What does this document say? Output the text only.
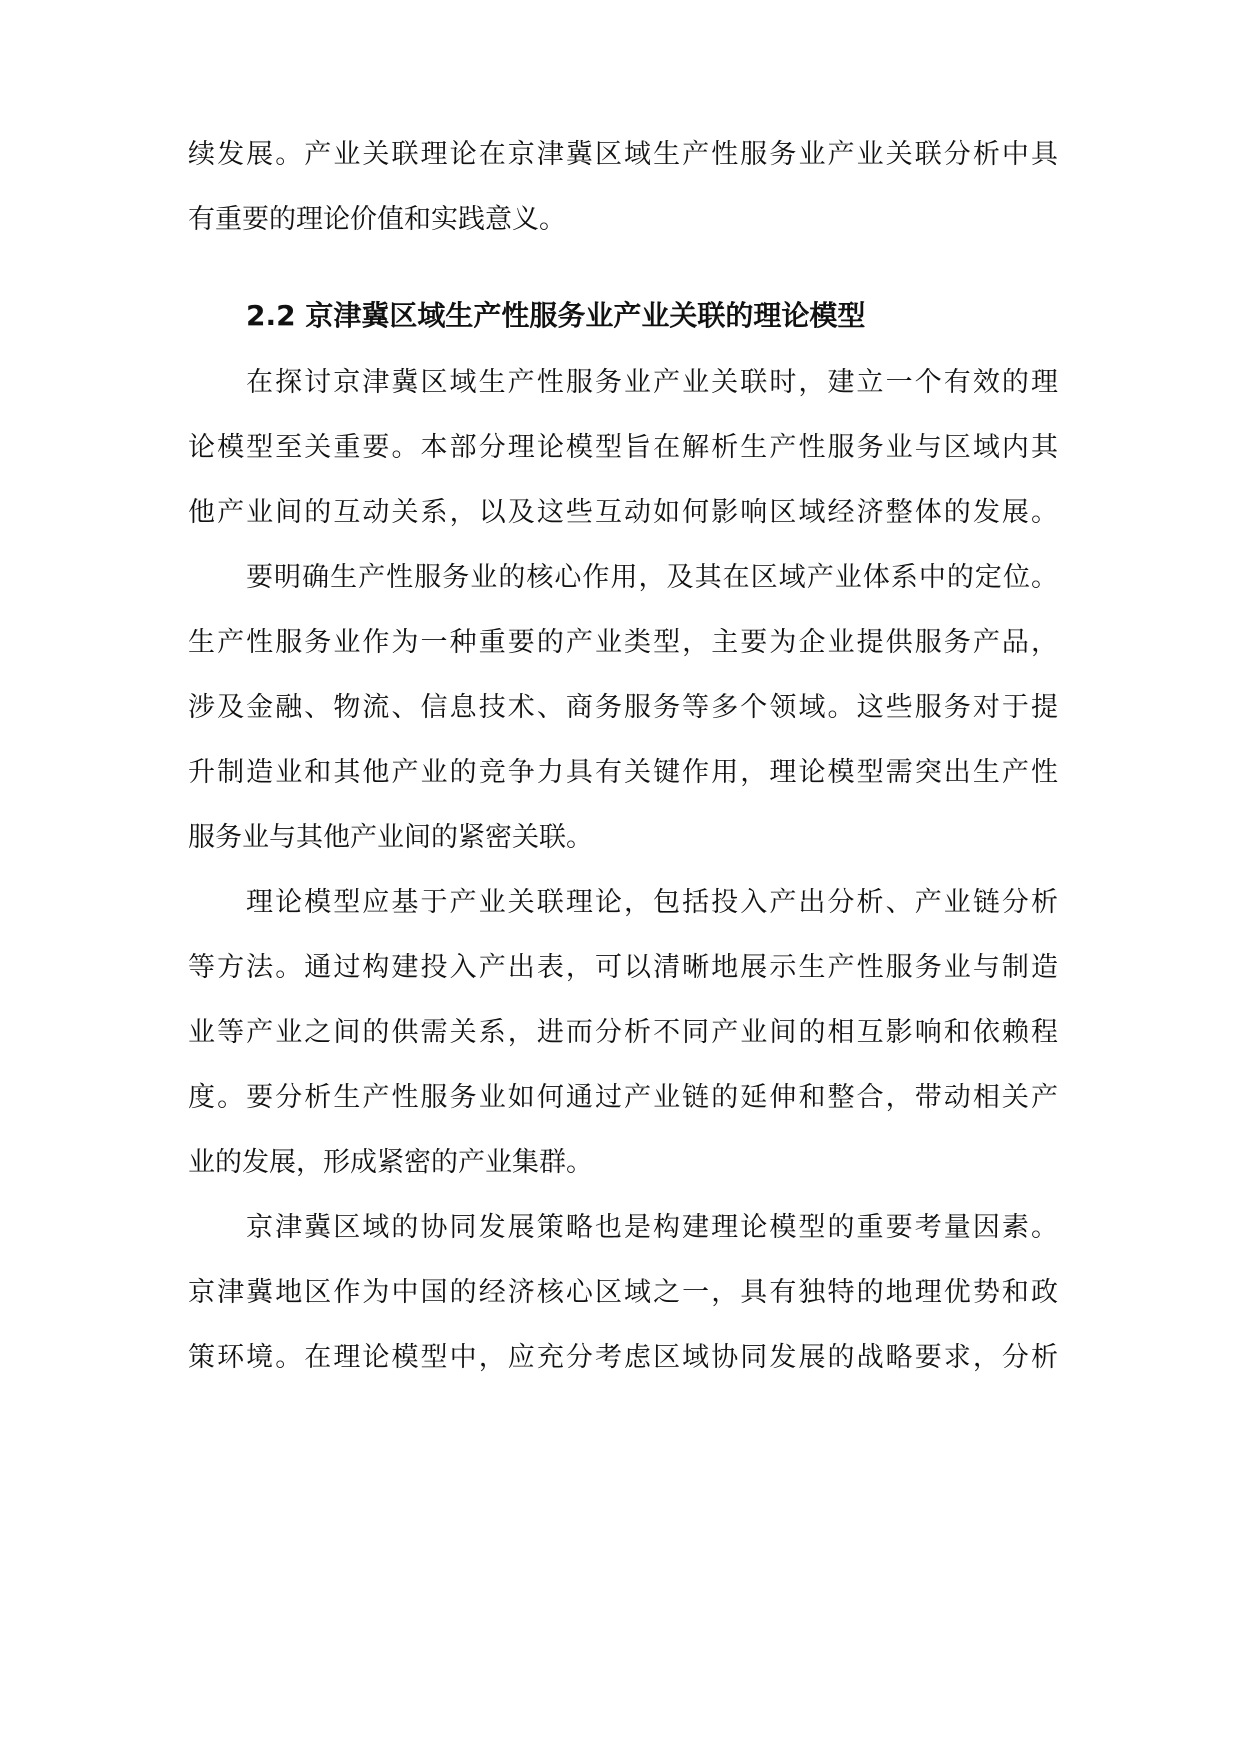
续发展。产业关联理论在京津冀区域生产性服务业产业关联分析中具
有重要的理论价值和实践意义。
2.2 京津冀区域生产性服务业产业关联的理论模型
在探讨京津冀区域生产性服务业产业关联时，建立一个有效的理
论模型至关重要。本部分理论模型旨在解析生产性服务业与区域内其
他产业间的互动关系，以及这些互动如何影响区域经济整体的发展。
要明确生产性服务业的核心作用，及其在区域产业体系中的定位。
生产性服务业作为一种重要的产业类型，主要为企业提供服务产品，
涉及金融、物流、信息技术、商务服务等多个领域。这些服务对于提
升制造业和其他产业的竞争力具有关键作用，理论模型需突出生产性
服务业与其他产业间的紧密关联。
理论模型应基于产业关联理论，包括投入产出分析、产业链分析
等方法。通过构建投入产出表，可以清晰地展示生产性服务业与制造
业等产业之间的供需关系，进而分析不同产业间的相互影响和依赖程
度。要分析生产性服务业如何通过产业链的延伸和整合，带动相关产
业的发展，形成紧密的产业集群。
京津冀区域的协同发展策略也是构建理论模型的重要考量因素。
京津冀地区作为中国的经济核心区域之一，具有独特的地理优势和政
策环境。在理论模型中，应充分考虑区域协同发展的战略要求，分析
